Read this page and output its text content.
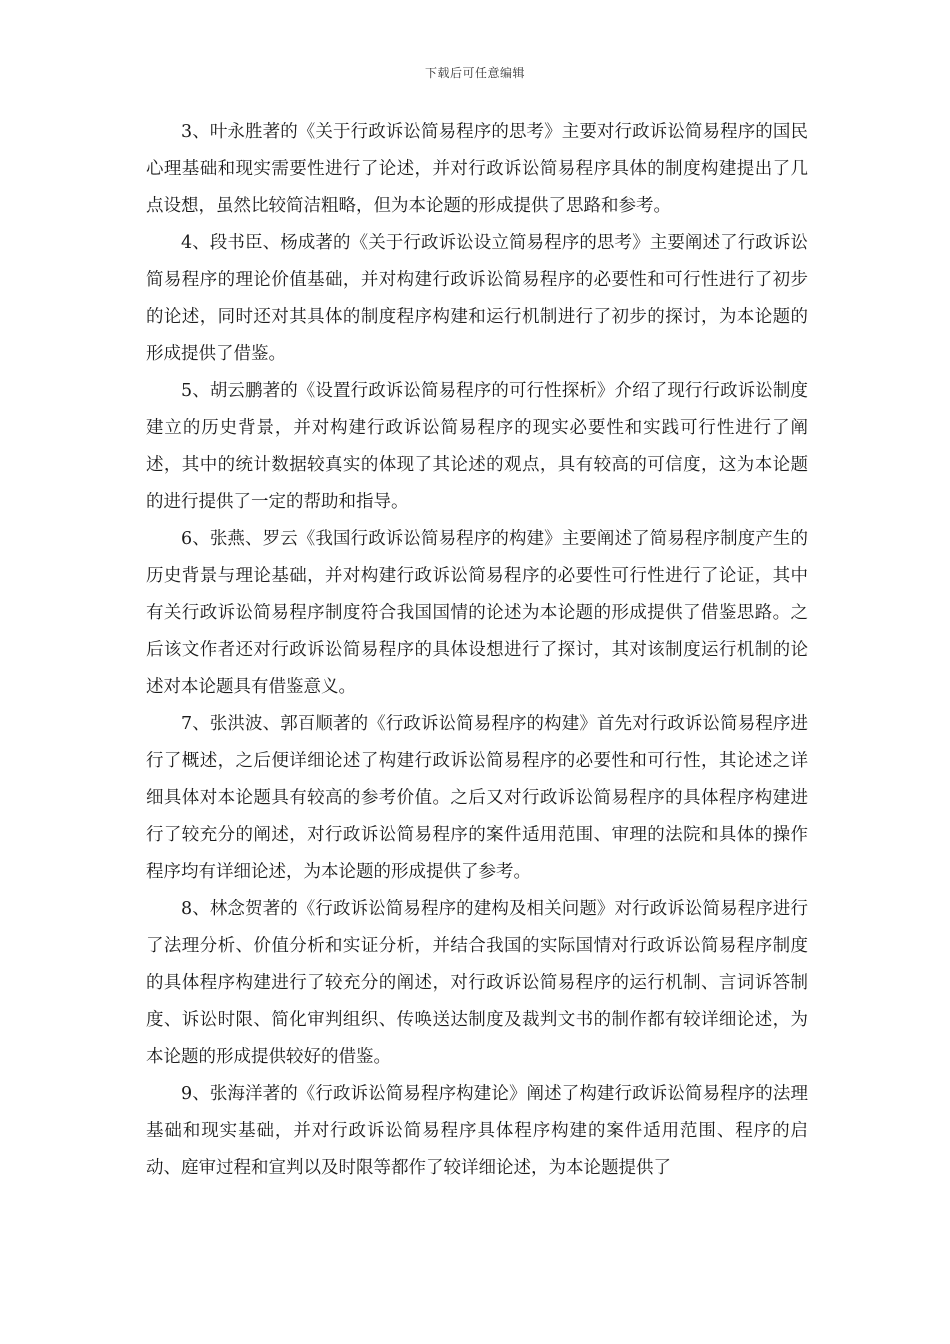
下载后可任意编辑

3、叶永胜著的《关于行政诉讼简易程序的思考》主要对行政诉讼简易程序的国民心理基础和现实需要性进行了论述，并对行政诉讼简易程序具体的制度构建提出了几点设想，虽然比较简洁粗略，但为本论题的形成提供了思路和参考。

4、段书臣、杨成著的《关于行政诉讼设立简易程序的思考》主要阐述了行政诉讼简易程序的理论价值基础，并对构建行政诉讼简易程序的必要性和可行性进行了初步的论述，同时还对其具体的制度程序构建和运行机制进行了初步的探讨，为本论题的形成提供了借鉴。

5、胡云鹏著的《设置行政诉讼简易程序的可行性探析》介绍了现行行政诉讼制度建立的历史背景，并对构建行政诉讼简易程序的现实必要性和实践可行性进行了阐述，其中的统计数据较真实的体现了其论述的观点，具有较高的可信度，这为本论题的进行提供了一定的帮助和指导。

6、张燕、罗云《我国行政诉讼简易程序的构建》主要阐述了简易程序制度产生的历史背景与理论基础，并对构建行政诉讼简易程序的必要性可行性进行了论证，其中有关行政诉讼简易程序制度符合我国国情的论述为本论题的形成提供了借鉴思路。之后该文作者还对行政诉讼简易程序的具体设想进行了探讨，其对该制度运行机制的论述对本论题具有借鉴意义。

7、张洪波、郭百顺著的《行政诉讼简易程序的构建》首先对行政诉讼简易程序进行了概述，之后便详细论述了构建行政诉讼简易程序的必要性和可行性，其论述之详细具体对本论题具有较高的参考价值。之后又对行政诉讼简易程序的具体程序构建进行了较充分的阐述，对行政诉讼简易程序的案件适用范围、审理的法院和具体的操作程序均有详细论述，为本论题的形成提供了参考。

8、林念贺著的《行政诉讼简易程序的建构及相关问题》对行政诉讼简易程序进行了法理分析、价值分析和实证分析，并结合我国的实际国情对行政诉讼简易程序制度的具体程序构建进行了较充分的阐述，对行政诉讼简易程序的运行机制、言词诉答制度、诉讼时限、简化审判组织、传唤送达制度及裁判文书的制作都有较详细论述，为本论题的形成提供较好的借鉴。

9、张海洋著的《行政诉讼简易程序构建论》阐述了构建行政诉讼简易程序的法理基础和现实基础，并对行政诉讼简易程序具体程序构建的案件适用范围、程序的启动、庭审过程和宣判以及时限等都作了较详细论述，为本论题提供了
